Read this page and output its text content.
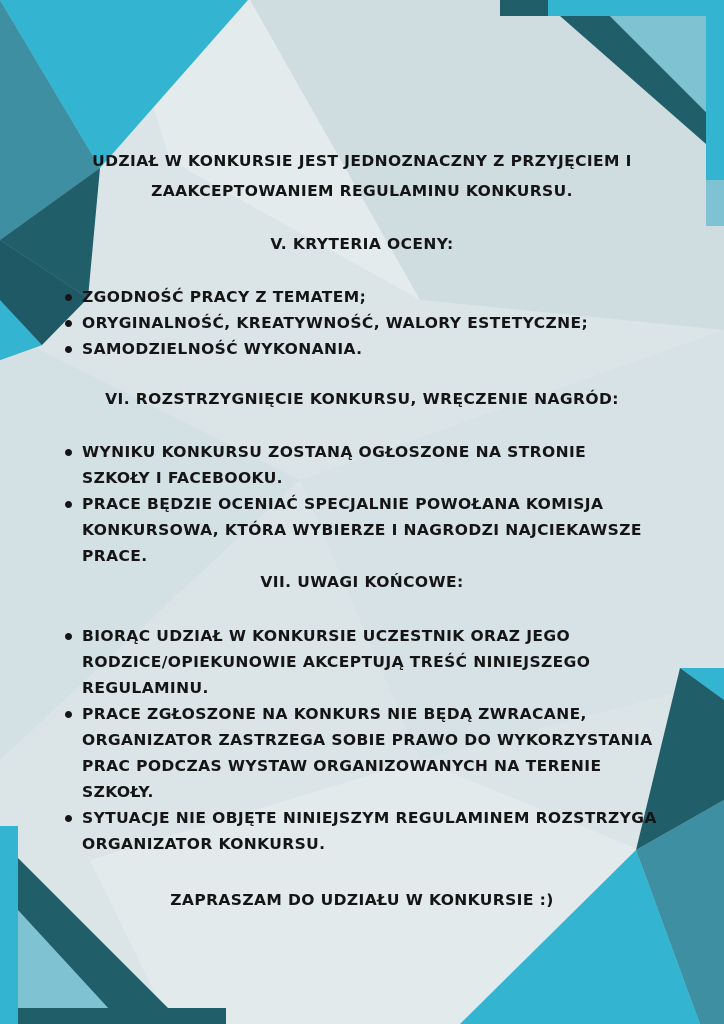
UDZIAŁ W KONKURSIE JEST JEDNOZNACZNY Z PRZYJĘCIEM I
ZAAKCEPTOWANIEM REGULAMINU KONKURSU.

V. KRYTERIA OCENY:
ZGODNOŚĆ PRACY Z TEMATEM;
ORYGINALNOŚĆ, KREATYWNOŚĆ, WALORY ESTETYCZNE;
SAMODZIELNOŚĆ WYKONANIA.
VI. ROZSTRZYGNIĘCIE KONKURSU, WRĘCZENIE NAGRÓD:
WYNIKU KONKURSU ZOSTANĄ OGŁOSZONE NA STRONIE SZKOŁY I FACEBOOKU.
PRACE BĘDZIE OCENIAĆ SPECJALNIE POWOŁANA KOMISJA KONKURSOWA, KTÓRA WYBIERZE I NAGRODZI NAJCIEKAWSZE PRACE.
VII. UWAGI KOŃCOWE:
BIORĄC UDZIAŁ W KONKURSIE UCZESTNIK ORAZ JEGO RODZICE/OPIEKUNOWIE AKCEPTUJĄ TREŚĆ NINIEJSZEGO REGULAMINU.
PRACE ZGŁOSZONE NA KONKURS NIE BĘDĄ ZWRACANE, ORGANIZATOR ZASTRZEGA SOBIE PRAWO DO WYKORZYSTANIA PRAC PODCZAS WYSTAW ORGANIZOWANYCH NA TERENIE SZKOŁY.
SYTUACJE NIE OBJĘTE NINIEJSZYM REGULAMINEM ROZSTRZYGA ORGANIZATOR KONKURSU.

ZAPRASZAM DO UDZIAŁU W KONKURSIE :)
